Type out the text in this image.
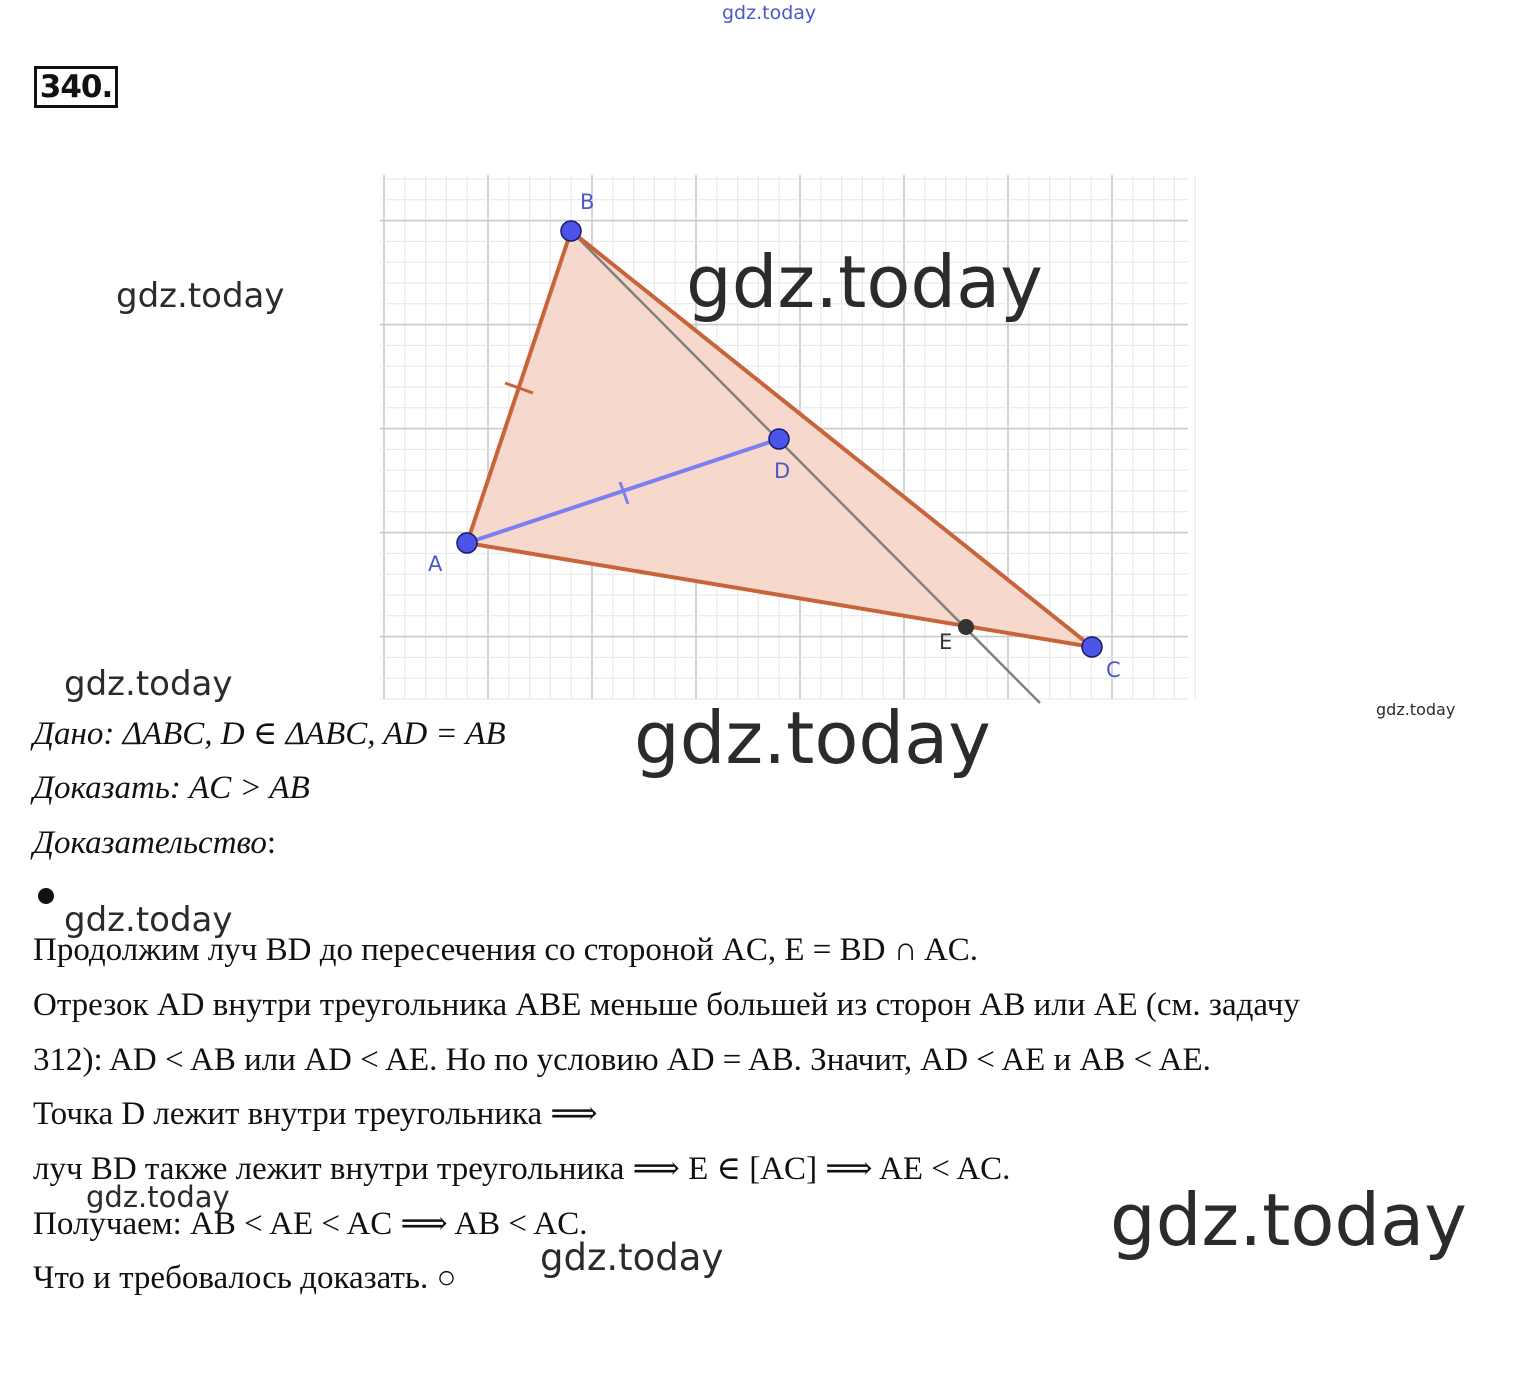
gdz.today
gdz.today
340.
A
B
C
D
E
gdz.today
gdz.today
gdz.today
gdz.today
Дано: ΔABC, D ∈ ΔABC, AD = AB
Доказать: AC > AB
Доказательство:
gdz.today
Продолжим луч BD до пересечения со стороной AC, E = BD ∩ AC.
Отрезок AD внутри треугольника ABE меньше большей из сторон AB или AE (см. задачу
312): AD < AB или AD < AE. Но по условию AD = AB. Значит, AD < AE и AB < AE.
Точка D лежит внутри треугольника ⟹
луч BD также лежит внутри треугольника ⟹ E ∈ [AC] ⟹ AE < AC.
Получаем: AB < AE < AC ⟹ AB < AC.
Что и требовалось доказать. ○
gdz.today	gdz.today
gdz.today
